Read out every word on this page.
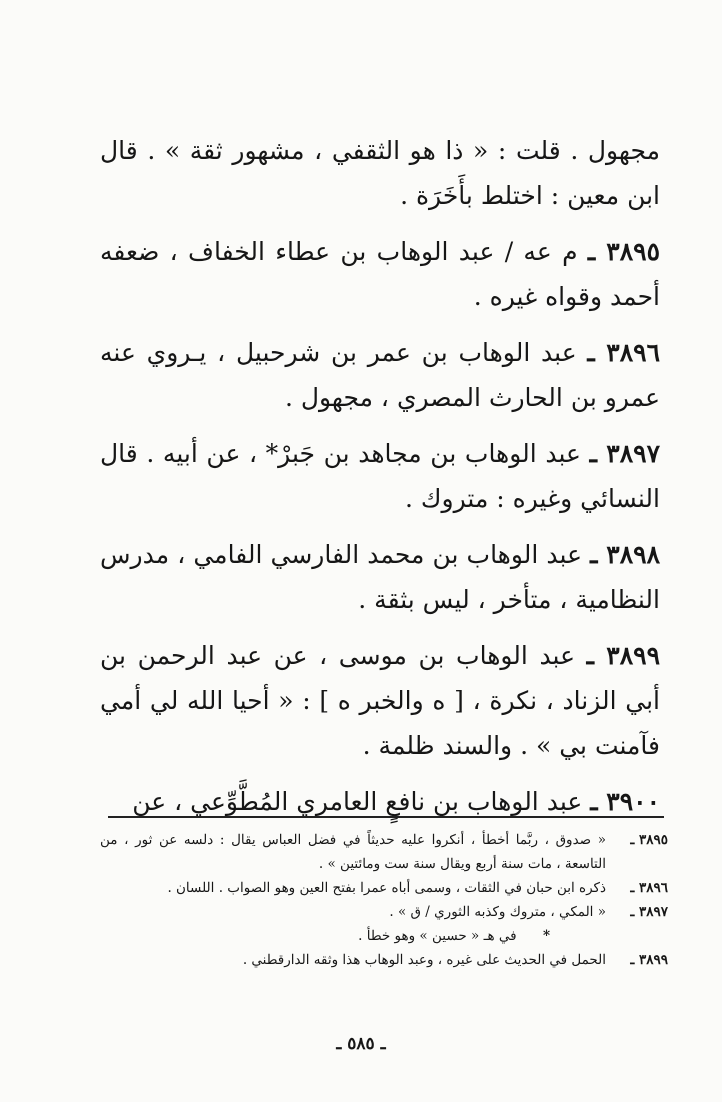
مجهول . قلت : « ذا هو الثقفي ، مشهور ثقة » . قال ابن معين : اختلط بأَخَرَة .
٣٨٩٥ ـ م عه / عبد الوهاب بن عطاء الخفاف ، ضعفه أحمد وقواه غيره .
٣٨٩٦ ـ عبد الوهاب بن عمر بن شرحبيل ، يـروي عنه عمرو بن الحارث المصري ، مجهول .
٣٨٩٧ ـ عبد الوهاب بن مجاهد بن جَبرْ* ، عن أبيه . قال النسائي وغيره : متروك .
٣٨٩٨ ـ عبد الوهاب بن محمد الفارسي الفامي ، مدرس النظامية ، متأخر ، ليس بثقة .
٣٨٩٩ ـ عبد الوهاب بن موسى ، عن عبد الرحمن بن أبي الزناد ، نكرة ، [ ه والخبر ه ] : « أحيا الله لي أمي فآمنت بي » . والسند ظلمة .
٣٩٠٠ ـ عبد الوهاب بن نافعٍ العامري المُطَّوِّعي ، عن
٣٨٩٥ ـ
« صدوق ، ربَّما أخطأ ، أنكروا عليه حديثاً في فضل العباس يقال : دلسه عن ثور ، من التاسعة ، مات سنة أربع ويقال سنة ست ومائتين » .
٣٨٩٦ ـ
ذكره ابن حبان في الثقات ، وسمى أباه عمرا بفتح العين وهو الصواب . اللسان .
٣٨٩٧ ـ
« المكي ، متروك وكذبه الثوري / ق » .
* في هـ « حسين » وهو خطأ .
٣٨٩٩ ـ
الحمل في الحديث على غيره ، وعبد الوهاب هذا وثقه الدارقطني .
ـ ٥٨٥ ـ
